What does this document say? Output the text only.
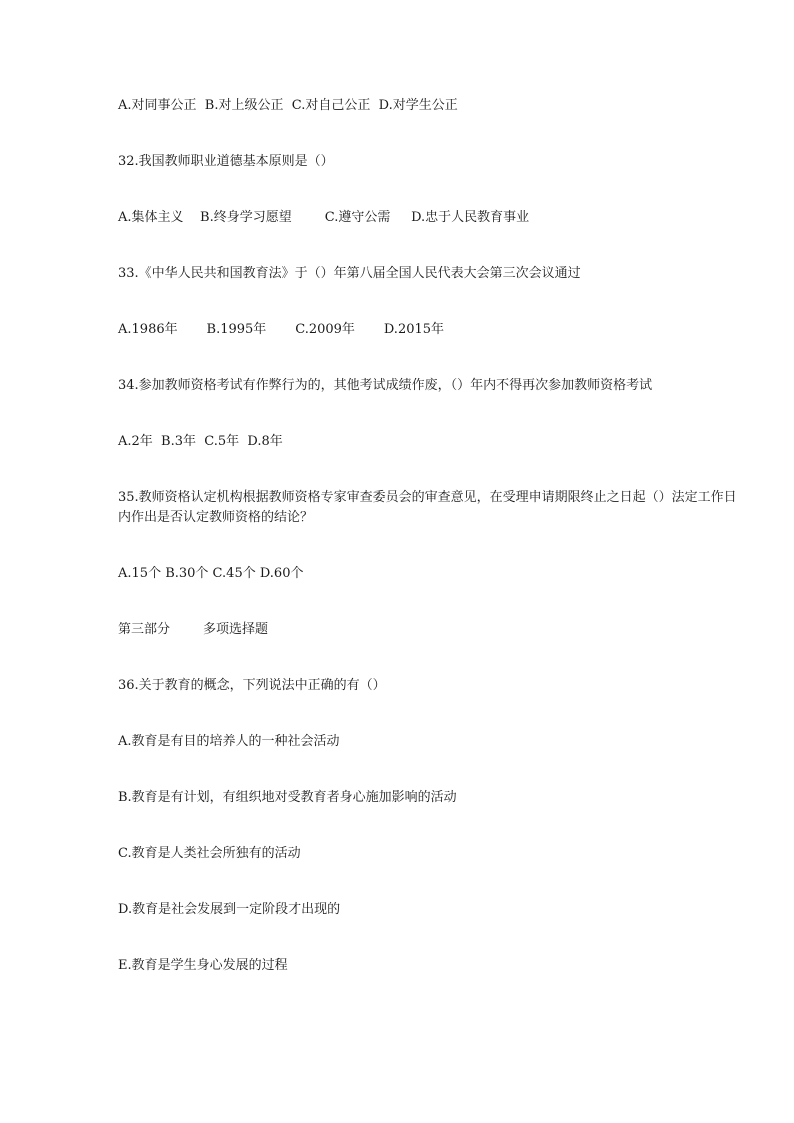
A.对同事公正  B.对上级公正  C.对自己公正  D.对学生公正
32.我国教师职业道德基本原则是（）
A.集体主义    B.终身学习愿望        C.遵守公需     D.忠于人民教育事业
33.《中华人民共和国教育法》于（）年第八届全国人民代表大会第三次会议通过
A.1986年       B.1995年       C.2009年       D.2015年
34.参加教师资格考试有作弊行为的，其他考试成绩作废，（）年内不得再次参加教师资格考试
A.2年  B.3年  C.5年  D.8年
35.教师资格认定机构根据教师资格专家审查委员会的审查意见，在受理申请期限终止之日起（）法定工作日内作出是否认定教师资格的结论？
A.15个 B.30个 C.45个 D.60个
第三部分        多项选择题
36.关于教育的概念，下列说法中正确的有（）
A.教育是有目的培养人的一种社会活动
B.教育是有计划，有组织地对受教育者身心施加影响的活动
C.教育是人类社会所独有的活动
D.教育是社会发展到一定阶段才出现的
E.教育是学生身心发展的过程
